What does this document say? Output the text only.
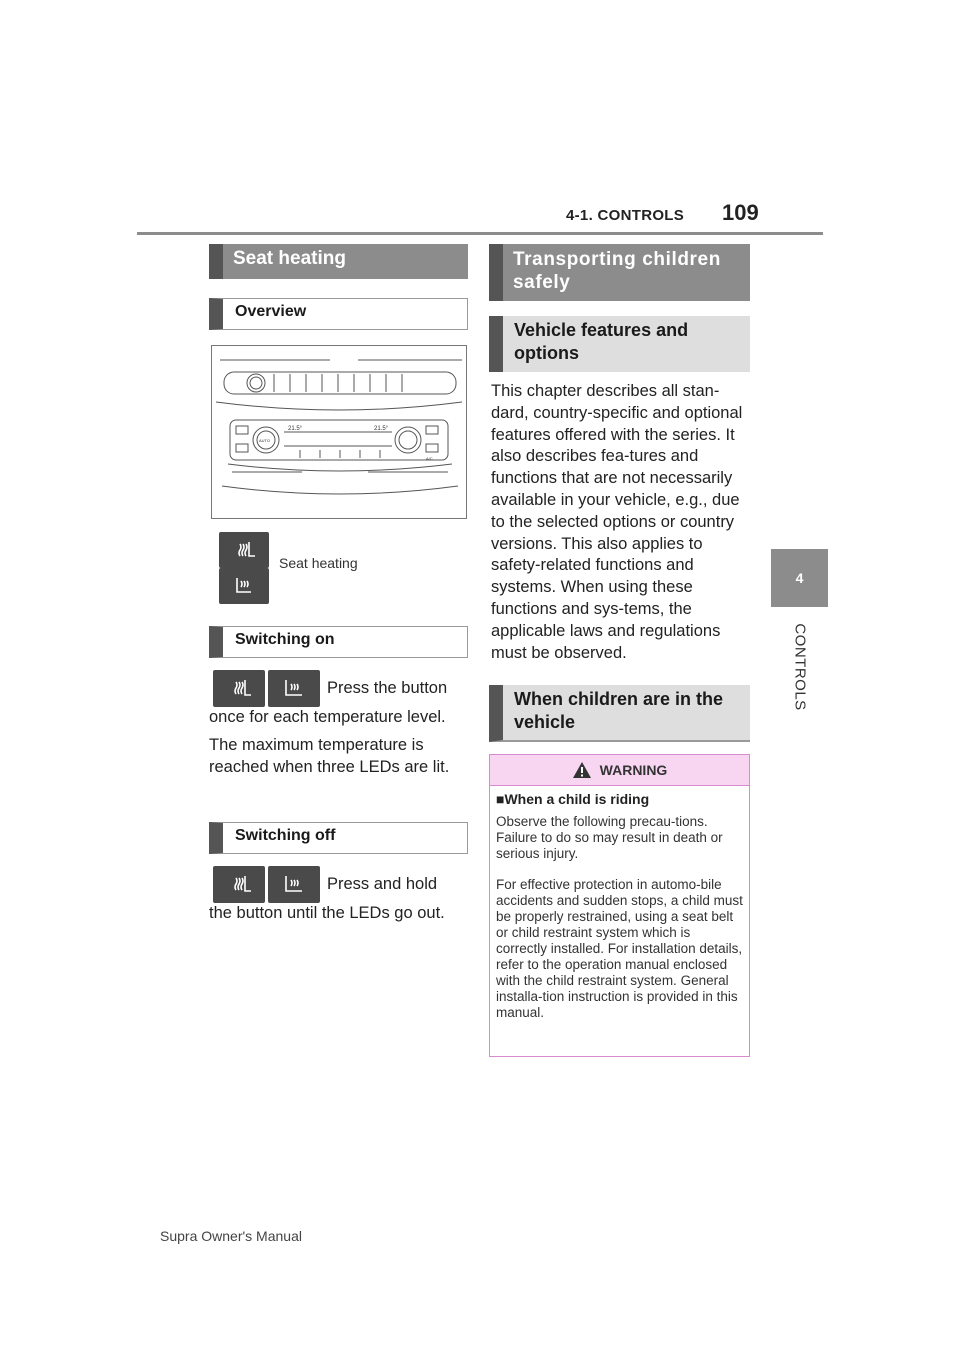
4-1. CONTROLS 109
4
CONTROLS
Seat heating
Overview
21.5°	21.5°
AUTO
A/C
Seat heating
Switching on
Press the button
once for each temperature level.
The maximum temperature is reached when three LEDs are lit.
Switching off
Press and hold
the button until the LEDs go out.
Transporting children safely
Vehicle features and options
This chapter describes all stan-dard, country-specific and optional features offered with the series. It also describes fea-tures and functions that are not necessarily available in your vehicle, e.g., due to the selected options or country versions. This also applies to safety-related functions and systems. When using these functions and sys-tems, the applicable laws and regulations must be observed.
When children are in the vehicle
WARNING
■When a child is riding
Observe the following precau-tions. Failure to do so may result in death or serious injury.
For effective protection in automo-bile accidents and sudden stops, a child must be properly restrained, using a seat belt or child restraint system which is correctly installed. For installation details, refer to the operation manual enclosed with the child restraint system. General installa-tion instruction is provided in this manual.
Supra Owner's Manual
